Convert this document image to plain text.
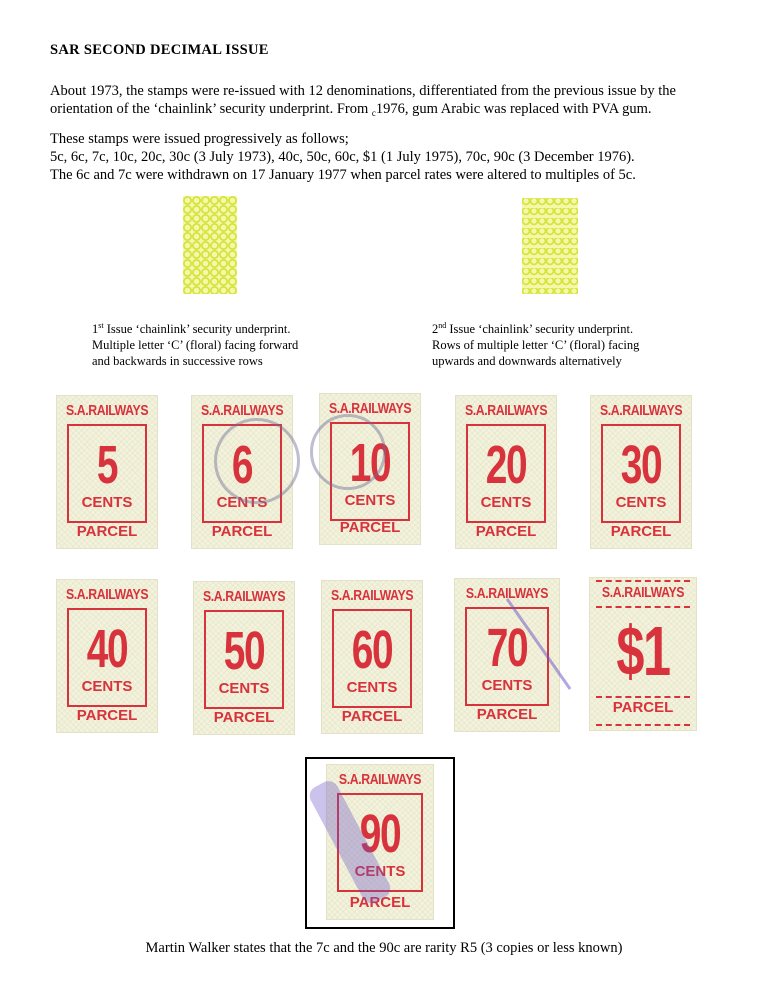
SAR SECOND DECIMAL ISSUE
About 1973, the stamps were re-issued with 12 denominations, differentiated from the previous issue by the orientation of the ‘chainlink’ security underprint. From $_c$1976, gum Arabic was replaced with PVA gum.
These stamps were issued progressively as follows;
5c, 6c, 7c, 10c, 20c, 30c (3 July 1973), 40c, 50c, 60c, $1 (1 July 1975), 70c, 90c (3 December 1976).
The 6c and 7c were withdrawn on 17 January 1977 when parcel rates were altered to multiples of 5c.
1st Issue ‘chainlink’ security underprint.
Multiple letter ‘C’ (floral) facing forward
and backwards in successive rows
2nd Issue ‘chainlink’ security underprint.
Rows of multiple letter ‘C’ (floral) facing
upwards and downwards alternatively
S.A.RAILWAYS
5
CENTS
PARCEL
S.A.RAILWAYS
6
CENTS
PARCEL
S.A.RAILWAYS
10
CENTS
PARCEL
S.A.RAILWAYS
20
CENTS
PARCEL
S.A.RAILWAYS
30
CENTS
PARCEL
S.A.RAILWAYS
40
CENTS
PARCEL
S.A.RAILWAYS
50
CENTS
PARCEL
S.A.RAILWAYS
60
CENTS
PARCEL
S.A.RAILWAYS
70
CENTS
PARCEL
S.A.RAILWAYS
$1
PARCEL
S.A.RAILWAYS
90
CENTS
PARCEL
Martin Walker states that the 7c and the 90c are rarity R5 (3 copies or less known)
